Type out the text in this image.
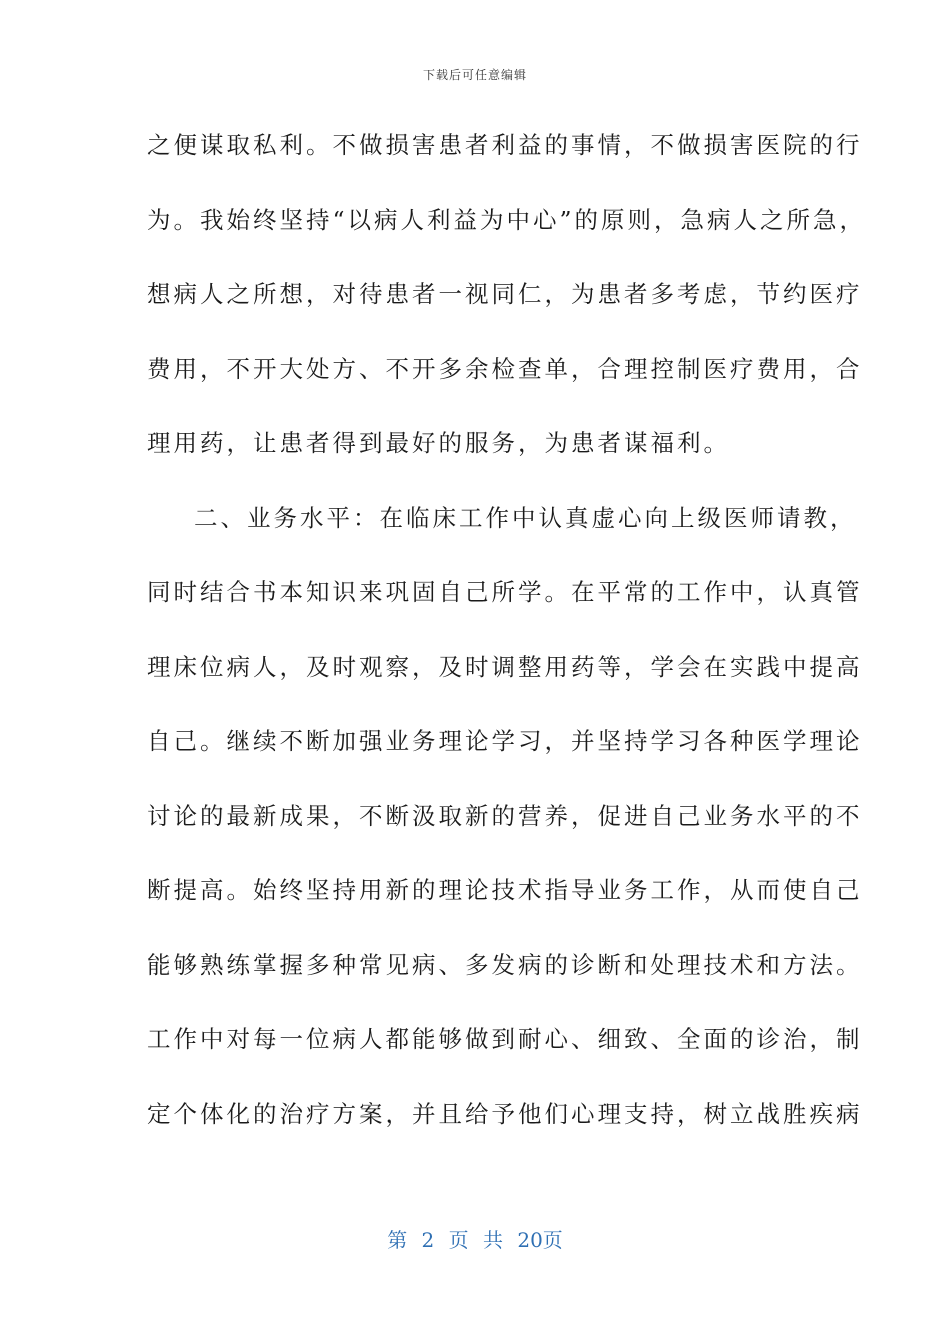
下载后可任意编辑
之便谋取私利。不做损害患者利益的事情，不做损害医院的行
为。我始终坚持“以病人利益为中心”的原则，急病人之所急，
想病人之所想，对待患者一视同仁，为患者多考虑，节约医疗
费用，不开大处方、不开多余检查单，合理控制医疗费用，合
理用药，让患者得到最好的服务，为患者谋福利。
二、业务水平：在临床工作中认真虚心向上级医师请教，
同时结合书本知识来巩固自己所学。在平常的工作中，认真管
理床位病人，及时观察，及时调整用药等，学会在实践中提高
自己。继续不断加强业务理论学习，并坚持学习各种医学理论
讨论的最新成果，不断汲取新的营养，促进自己业务水平的不
断提高。始终坚持用新的理论技术指导业务工作，从而使自己
能够熟练掌握多种常见病、多发病的诊断和处理技术和方法。
工作中对每一位病人都能够做到耐心、细致、全面的诊治，制
定个体化的治疗方案，并且给予他们心理支持，树立战胜疾病
第 2 页 共 20页
